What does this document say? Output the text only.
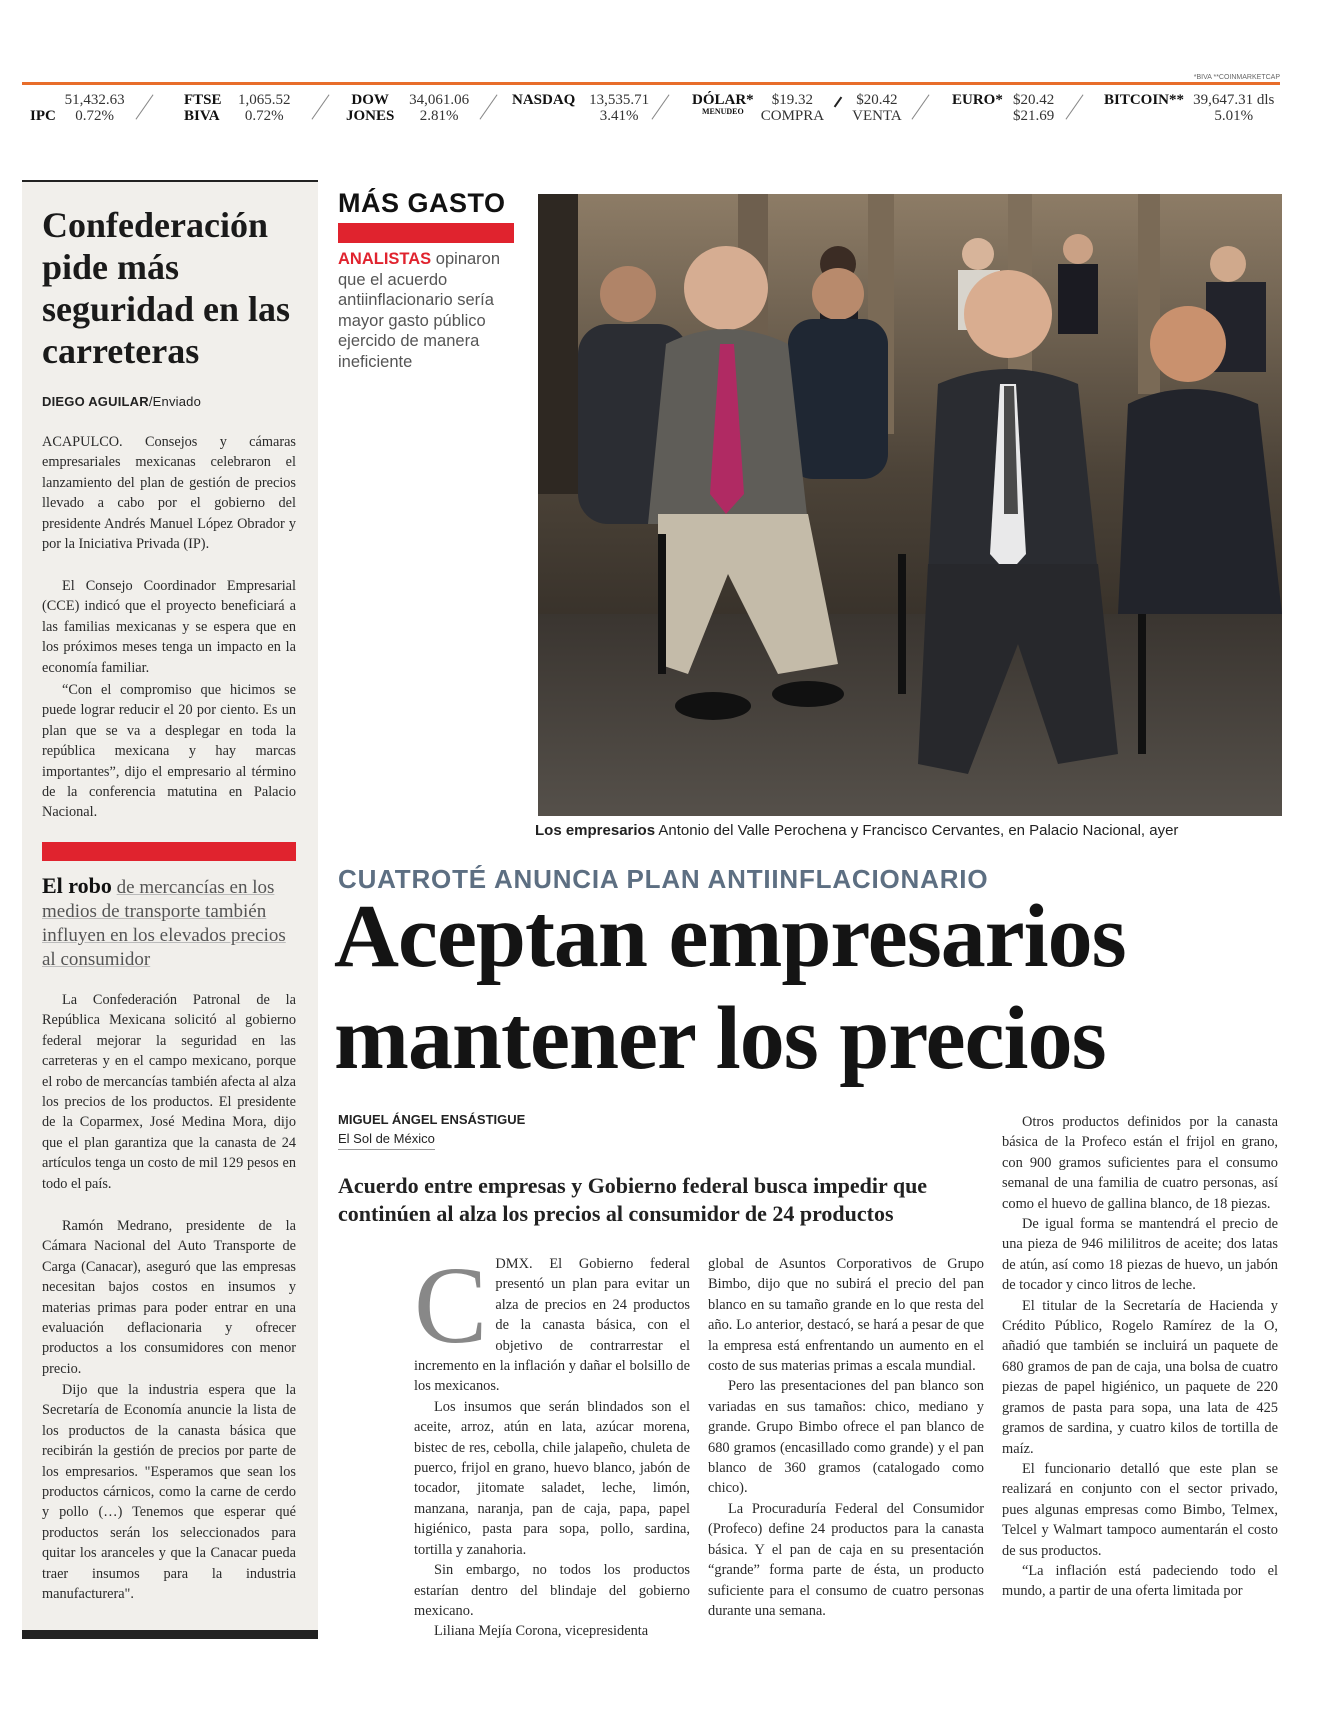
*BIVA **COINMARKETCAP
IPC 51,432.63
0.72%
FTSE
BIVA 1,065.52
0.72%
DOW
JONES 34,061.06
2.81%
NASDAQ 13,535.71
3.41%
DÓLAR*
$^{MENUDEO}$ $19.32
COMPRA  $20.42
VENTA
EURO* $20.42
$21.69
BITCOIN** 39,647.31 dls
5.01%
Confederación pide más seguridad en las carreteras
DIEGO AGUILAR/Enviado

ACAPULCO. Consejos y cámaras empresariales mexicanas celebraron el lanzamiento del plan de gestión de precios llevado a cabo por el gobierno del presidente Andrés Manuel López Obrador y por la Iniciativa Privada (IP).

El Consejo Coordinador Empresarial (CCE) indicó que el proyecto beneficiará a las familias mexicanas y se espera que en los próximos meses tenga un impacto en la economía familiar.

“Con el compromiso que hicimos se puede lograr reducir el 20 por ciento. Es un plan que se va a desplegar en toda la república mexicana y hay marcas importantes”, dijo el empresario al término de la conferencia matutina en Palacio Nacional.

El robo de mercancías en los medios de transporte también influyen en los elevados precios al consumidor

La Confederación Patronal de la República Mexicana solicitó al gobierno federal mejorar la seguridad en las carreteras y en el campo mexicano, porque el robo de mercancías también afecta al alza los precios de los productos. El presidente de la Coparmex, José Medina Mora, dijo que el plan garantiza que la canasta de 24 artículos tenga un costo de mil 129 pesos en todo el país.

Ramón Medrano, presidente de la Cámara Nacional del Auto Transporte de Carga (Canacar), aseguró que las empresas necesitan bajos costos en insumos y materias primas para poder entrar en una evaluación deflacionaria y ofrecer productos a los consumidores con menor precio.

Dijo que la industria espera que la Secretaría de Economía anuncie la lista de los productos de la canasta básica que recibirán la gestión de precios por parte de los empresarios. "Esperamos que sean los productos cárnicos, como la carne de cerdo y pollo (…) Tenemos que esperar qué productos serán los seleccionados para quitar los aranceles y que la Canacar pueda traer insumos para la industria manufacturera".

MÁS GASTO
ANALISTAS opinaron que el acuerdo antiinflacionario sería mayor gasto público ejercido de manera ineficiente
Los empresarios Antonio del Valle Perochena y Francisco Cervantes, en Palacio Nacional, ayer
CUATROTÉ ANUNCIA PLAN ANTIINFLACIONARIO
Aceptan empresarios mantener los precios
MIGUEL ÁNGEL ENSÁSTIGUE
El Sol de México
Acuerdo entre empresas y Gobierno federal busca impedir que continúen al alza los precios al consumidor de 24 productos
C DMX. El Gobierno federal presentó un plan para evitar un alza de precios en 24 productos de la canasta básica, con el objetivo de contrarrestar el incremento en la inflación y dañar el bolsillo de los mexicanos.

Los insumos que serán blindados son el aceite, arroz, atún en lata, azúcar morena, bistec de res, cebolla, chile jalapeño, chuleta de puerco, frijol en grano, huevo blanco, jabón de tocador, jitomate saladet, leche, limón, manzana, naranja, pan de caja, papa, papel higiénico, pasta para sopa, pollo, sardina, tortilla y zanahoria.

Sin embargo, no todos los productos estarían dentro del blindaje del gobierno mexicano.

Liliana Mejía Corona, vicepresidenta

global de Asuntos Corporativos de Grupo Bimbo, dijo que no subirá el precio del pan blanco en su tamaño grande en lo que resta del año. Lo anterior, destacó, se hará a pesar de que la empresa está enfrentando un aumento en el costo de sus materias primas a escala mundial.

Pero las presentaciones del pan blanco son variadas en sus tamaños: chico, mediano y grande. Grupo Bimbo ofrece el pan blanco de 680 gramos (encasillado como grande) y el pan blanco de 360 gramos (catalogado como chico).

La Procuraduría Federal del Consumidor (Profeco) define 24 productos para la canasta básica. Y el pan de caja en su presentación “grande” forma parte de ésta, un producto suficiente para el consumo de cuatro personas durante una semana.

Otros productos definidos por la canasta básica de la Profeco están el frijol en grano, con 900 gramos suficientes para el consumo semanal de una familia de cuatro personas, así como el huevo de gallina blanco, de 18 piezas.

De igual forma se mantendrá el precio de una pieza de 946 mililitros de aceite; dos latas de atún, así como 18 piezas de huevo, un jabón de tocador y cinco litros de leche.

El titular de la Secretaría de Hacienda y Crédito Público, Rogelo Ramírez de la O, añadió que también se incluirá un paquete de 680 gramos de pan de caja, una bolsa de cuatro piezas de papel higiénico, un paquete de 220 gramos de pasta para sopa, una lata de 425 gramos de sardina, y cuatro kilos de tortilla de maíz.

El funcionario detalló que este plan se realizará en conjunto con el sector privado, pues algunas empresas como Bimbo, Telmex, Telcel y Walmart tampoco aumentarán el costo de sus productos.

“La inflación está padeciendo todo el mundo, a partir de una oferta limitada por
